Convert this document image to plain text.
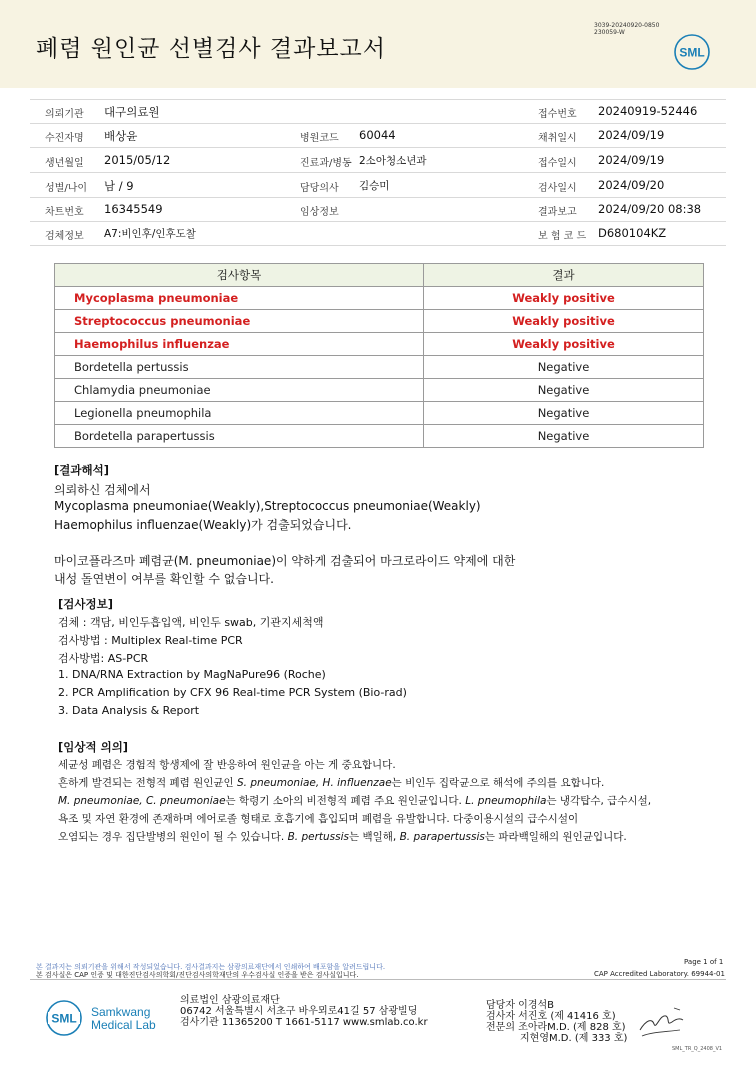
폐렴 원인균 선별검사 결과보고서
3039-20240920-0850
230059-W
SML
의뢰기관 대구의료원	접수번호 20240919-52446
수진자명 배상윤	병원코드 60044	채취일시 2024/09/19
생년월일 2015/05/12	진료과/병동 2소아청소년과	접수일시 2024/09/19
성별/나이 남 / 9	담당의사 김승미	검사일시 2024/09/20
차트번호 16345549	임상정보	결과보고 2024/09/20 08:38
검체정보 A7:비인후/인후도찰	보 험 코 드 D680104KZ
검사항목	결과
Mycoplasma pneumoniae	Weakly positive
Streptococcus pneumoniae	Weakly positive
Haemophilus influenzae	Weakly positive
Bordetella pertussis	Negative
Chlamydia pneumoniae	Negative
Legionella pneumophila	Negative
Bordetella parapertussis	Negative
[결과해석]
의뢰하신 검체에서
Mycoplasma pneumoniae(Weakly),Streptococcus pneumoniae(Weakly)
Haemophilus influenzae(Weakly)가 검출되었습니다.
마이코플라즈마 폐렴균(M. pneumoniae)이 약하게 검출되어 마크로라이드 약제에 대한
내성 돌연변이 여부를 확인할 수 없습니다.
[검사정보]
검체 : 객담, 비인두흡입액, 비인두 swab, 기관지세척액
검사방법 : Multiplex Real-time PCR
검사방법: AS-PCR
1. DNA/RNA Extraction by MagNaPure96 (Roche)
2. PCR Amplification by CFX 96 Real-time PCR System (Bio-rad)
3. Data Analysis & Report
[임상적 의의]
세균성 폐렴은 경험적 항생제에 잘 반응하여 원인균을 아는 게 중요합니다.
흔하게 발견되는 전형적 폐렴 원인균인 S. pneumoniae, H. influenzae는 비인두 집락균으로 해석에 주의를 요합니다.
M. pneumoniae, C. pneumoniae는 학령기 소아의 비전형적 폐렴 주요 원인균입니다. L. pneumophila는 냉각탑수, 급수시설,
욕조 및 자연 환경에 존재하며 에어로졸 형태로 호흡기에 흡입되며 폐렴을 유발합니다. 다중이용시설의 급수시설이
오염되는 경우 집단발병의 원인이 될 수 있습니다. B. pertussis는 백일해, B. parapertussis는 파라백일해의 원인균입니다.
Page 1 of 1
본 결과지는 의뢰기관을 위해서 작성되었습니다. 검사결과지는 삼광의료재단에서 인쇄하여 배포함을 알려드립니다.
본 검사실은 CAP 인증 및 대한진단검사의학회/진단검사의학재단의 우수검사실 인증을 받은 검사실입니다.	CAP Accredited Laboratory. 69944-01
SML Samkwang
Medical Lab
의료법인 삼광의료재단
06742 서울특별시 서초구 바우뫼로41길 57 삼광빌딩
검사기관 11365200 T 1661-5117 www.smlab.co.kr
담당자 이경석B
검사자 서진호 (제 41416 호)
전문의 조아라M.D. (제 828 호)
지현영M.D. (제 333 호)
SML_TR_Q_2408_V1
